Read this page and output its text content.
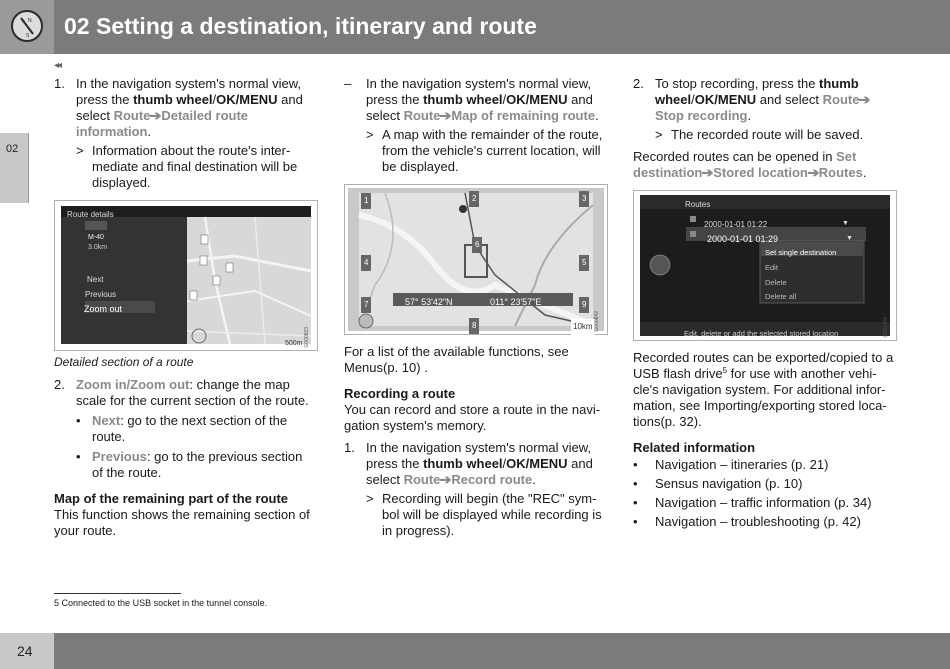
N
S 02 Setting a destination, itinerary and route
◂◂
02
1. In the navigation system's normal view, press the thumb wheel/OK/MENU and select Route➔Detailed route information.
> Information about the route's inter-mediate and final destination will be displayed.
Route details
M-40
3.0km
Next
Previous
Zoom out
500m G000823
Detailed section of a route
2. Zoom in/Zoom out: change the map scale for the current section of the route.
• Next: go to the next section of the route.
• Previous: go to the previous section of the route.
Map of the remaining part of the route
This function shows the remaining section of your route.
– In the navigation system's normal view, press the thumb wheel/OK/MENU and select Route➔Map of remaining route.
> A map with the remainder of the route, from the vehicle's current location, will be displayed.
1	2	3
4	5
6
7
8
9
57° 53'42"N	011° 23'57"E
10km G000842
For a list of the available functions, see Menus(p. 10) .
Recording a route
You can record and store a route in the navi-gation system's memory.
1. In the navigation system's normal view, press the thumb wheel/OK/MENU and select Route➔Record route.
> Recording will begin (the "REC" sym-bol will be displayed while recording is in progress).
2. To stop recording, press the thumb wheel/OK/MENU and select Route➔Stop recording.
> The recorded route will be saved.
Recorded routes can be opened in Set destination➔Stored location➔Routes.
Routes
2000-01-01 01:22	▼
2000-01-01 01:29	▼
Set single destination
Edit
Delete
Delete all
Edit, delete or add the selected stored location	G031406
Recorded routes can be exported/copied to a USB flash drive$^5$ for use with another vehi-cle's navigation system. For additional infor-mation, see Importing/exporting stored loca-tions(p. 32).
Related information
• Navigation – itineraries (p. 21)
• Sensus navigation (p. 10)
• Navigation – traffic information (p. 34)
• Navigation – troubleshooting (p. 42)
5 Connected to the USB socket in the tunnel console.
24
